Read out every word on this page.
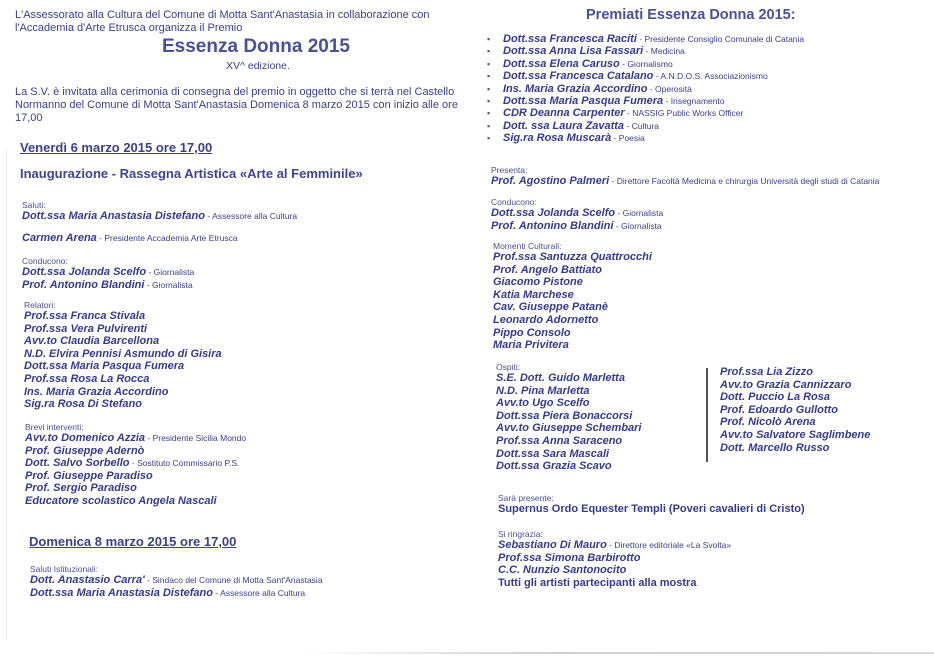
L'Assessorato alla Cultura del Comune di Motta Sant'Anastasia in collaborazione con
l'Accademia d'Arte Etrusca organizza il Premio
Essenza Donna 2015
XV^ edizione.
La S.V. è invitata alla cerimonia di consegna del premio in oggetto che si terrà nel Castello
Normanno del Comune di Motta Sant'Anastasia Domenica 8 marzo 2015 con inizio alle ore
17,00
Venerdì 6 marzo 2015 ore 17,00
Inaugurazione - Rassegna Artistica «Arte al Femminile»
Saluti:
Dott.ssa Maria Anastasia Distefano - Assessore alla Cultura
Carmen Arena - Presidente Accademia Arte Etrusca
Conducono:
Dott.ssa Jolanda Scelfo - Giornalista
Prof. Antonino Blandini - Giornalista
Relatori:
Prof.ssa Franca Stivala
Prof.ssa Vera Pulvirenti
Avv.to Claudia Barcellona
N.D. Elvira Pennisi Asmundo di Gisira
Dott.ssa Maria Pasqua Fumera
Prof.ssa Rosa La Rocca
Ins. Maria Grazia Accordino
Sig.ra Rosa Di Stefano
Brevi interventi:
Avv.to Domenico Azzia - Presidente Sicilia Mondo
Prof. Giuseppe Adernò
Dott. Salvo Sorbello - Sostituto Commissario P.S.
Prof. Giuseppe Paradiso
Prof. Sergio Paradiso
Educatore scolastico Angela Nascali
Domenica 8 marzo 2015 ore 17,00
Saluti Istituzionali:
Dott. Anastasio Carra' - Sindaco del Comune di Motta Sant'Anastasia
Dott.ssa Maria Anastasia Distefano - Assessore alla Cultura
Premiati Essenza Donna 2015:
▪ Dott.ssa Francesca Raciti - Presidente Consiglio Comunale di Catania
▪ Dott.ssa Anna Lisa Fassari - Medicina
▪ Dott.ssa Elena Caruso - Giornalismo
▪ Dott.ssa Francesca Catalano - A.N.D.O.S. Associazionismo
▪ Ins. Maria Grazia Accordino - Operosità
▪ Dott.ssa Maria Pasqua Fumera - Insegnamento
▪ CDR Deanna Carpenter - NASSIG Public Works Officer
▪ Dott. ssa Laura Zavatta - Cultura
▪ Sig.ra Rosa Muscarà - Poesia
Presenta:
Prof. Agostino Palmeri - Direttore Facoltà Medicina e chirurgia Università degli studi di Catania
Conducono:
Dott.ssa Jolanda Scelfo - Giornalista
Prof. Antonino Blandini - Giornalista
Momenti Culturali:
Prof.ssa Santuzza Quattrocchi
Prof. Angelo Battiato
Giacomo Pistone
Katia Marchese
Cav. Giuseppe Patanè
Leonardo Adornetto
Pippo Consolo
Maria Privitera
Ospiti:
S.E. Dott. Guido Marletta
N.D. Pina Marletta
Avv.to Ugo Scelfo
Dott.ssa Piera Bonaccorsi
Avv.to Giuseppe Schembari
Prof.ssa Anna Saraceno
Dott.ssa Sara Mascali
Dott.ssa Grazia Scavo
Prof.ssa Lia Zizzo
Avv.to Grazia Cannizzaro
Dott. Puccio La Rosa
Prof. Edoardo Gullotto
Prof. Nicolò Arena
Avv.to Salvatore Saglimbene
Dott. Marcello Russo
Sarà presente:
Supernus Ordo Equester Templi (Poveri cavalieri di Cristo)
Si ringrazia:
Sebastiano Di Mauro - Direttore editoriale «La Svolta»
Prof.ssa Simona Barbirotto
C.C. Nunzio Santonocito
Tutti gli artisti partecipanti alla mostra
